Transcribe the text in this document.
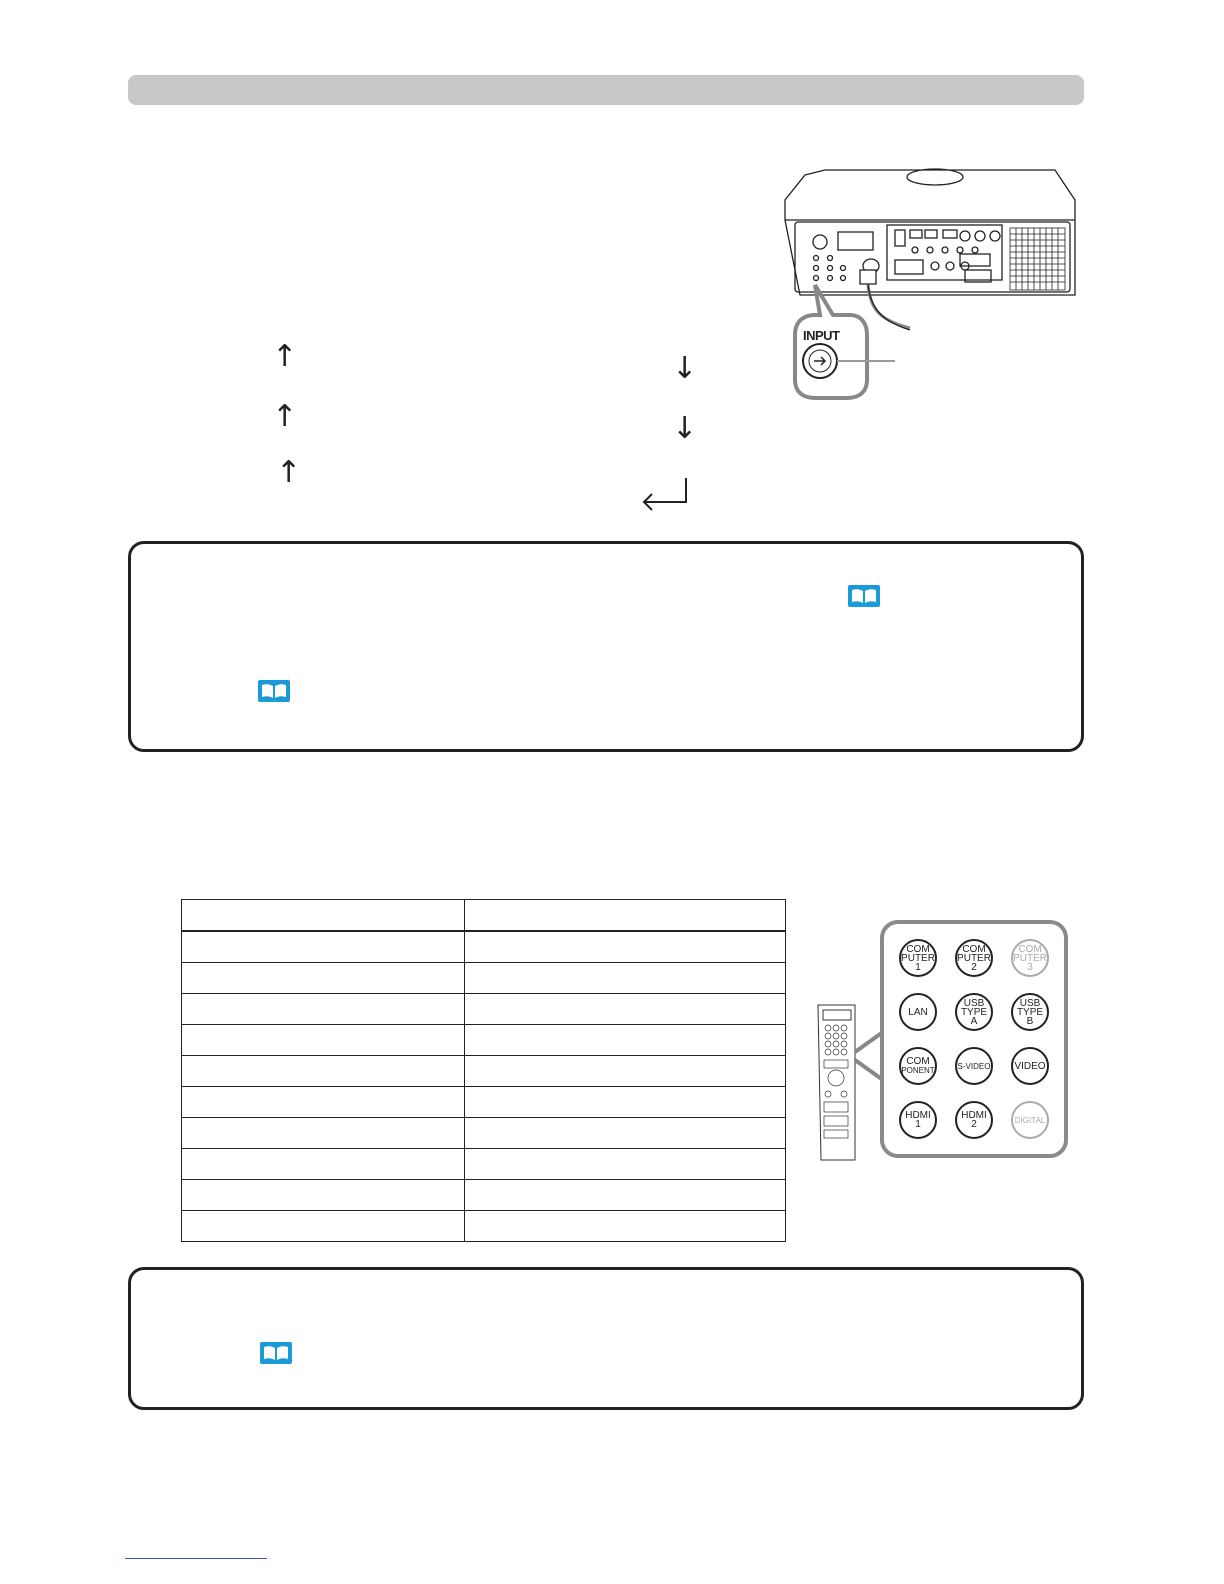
INPUT
↑	↓
↑	↓
↑

COM
PUTER
1
COM
PUTER
2
COM
PUTER
3
LAN
USB
TYPE
A
USB
TYPE
B
COM
PONENT	S-VIDEO VIDEO
HDMI
1
HDMI
2	DIGITAL
